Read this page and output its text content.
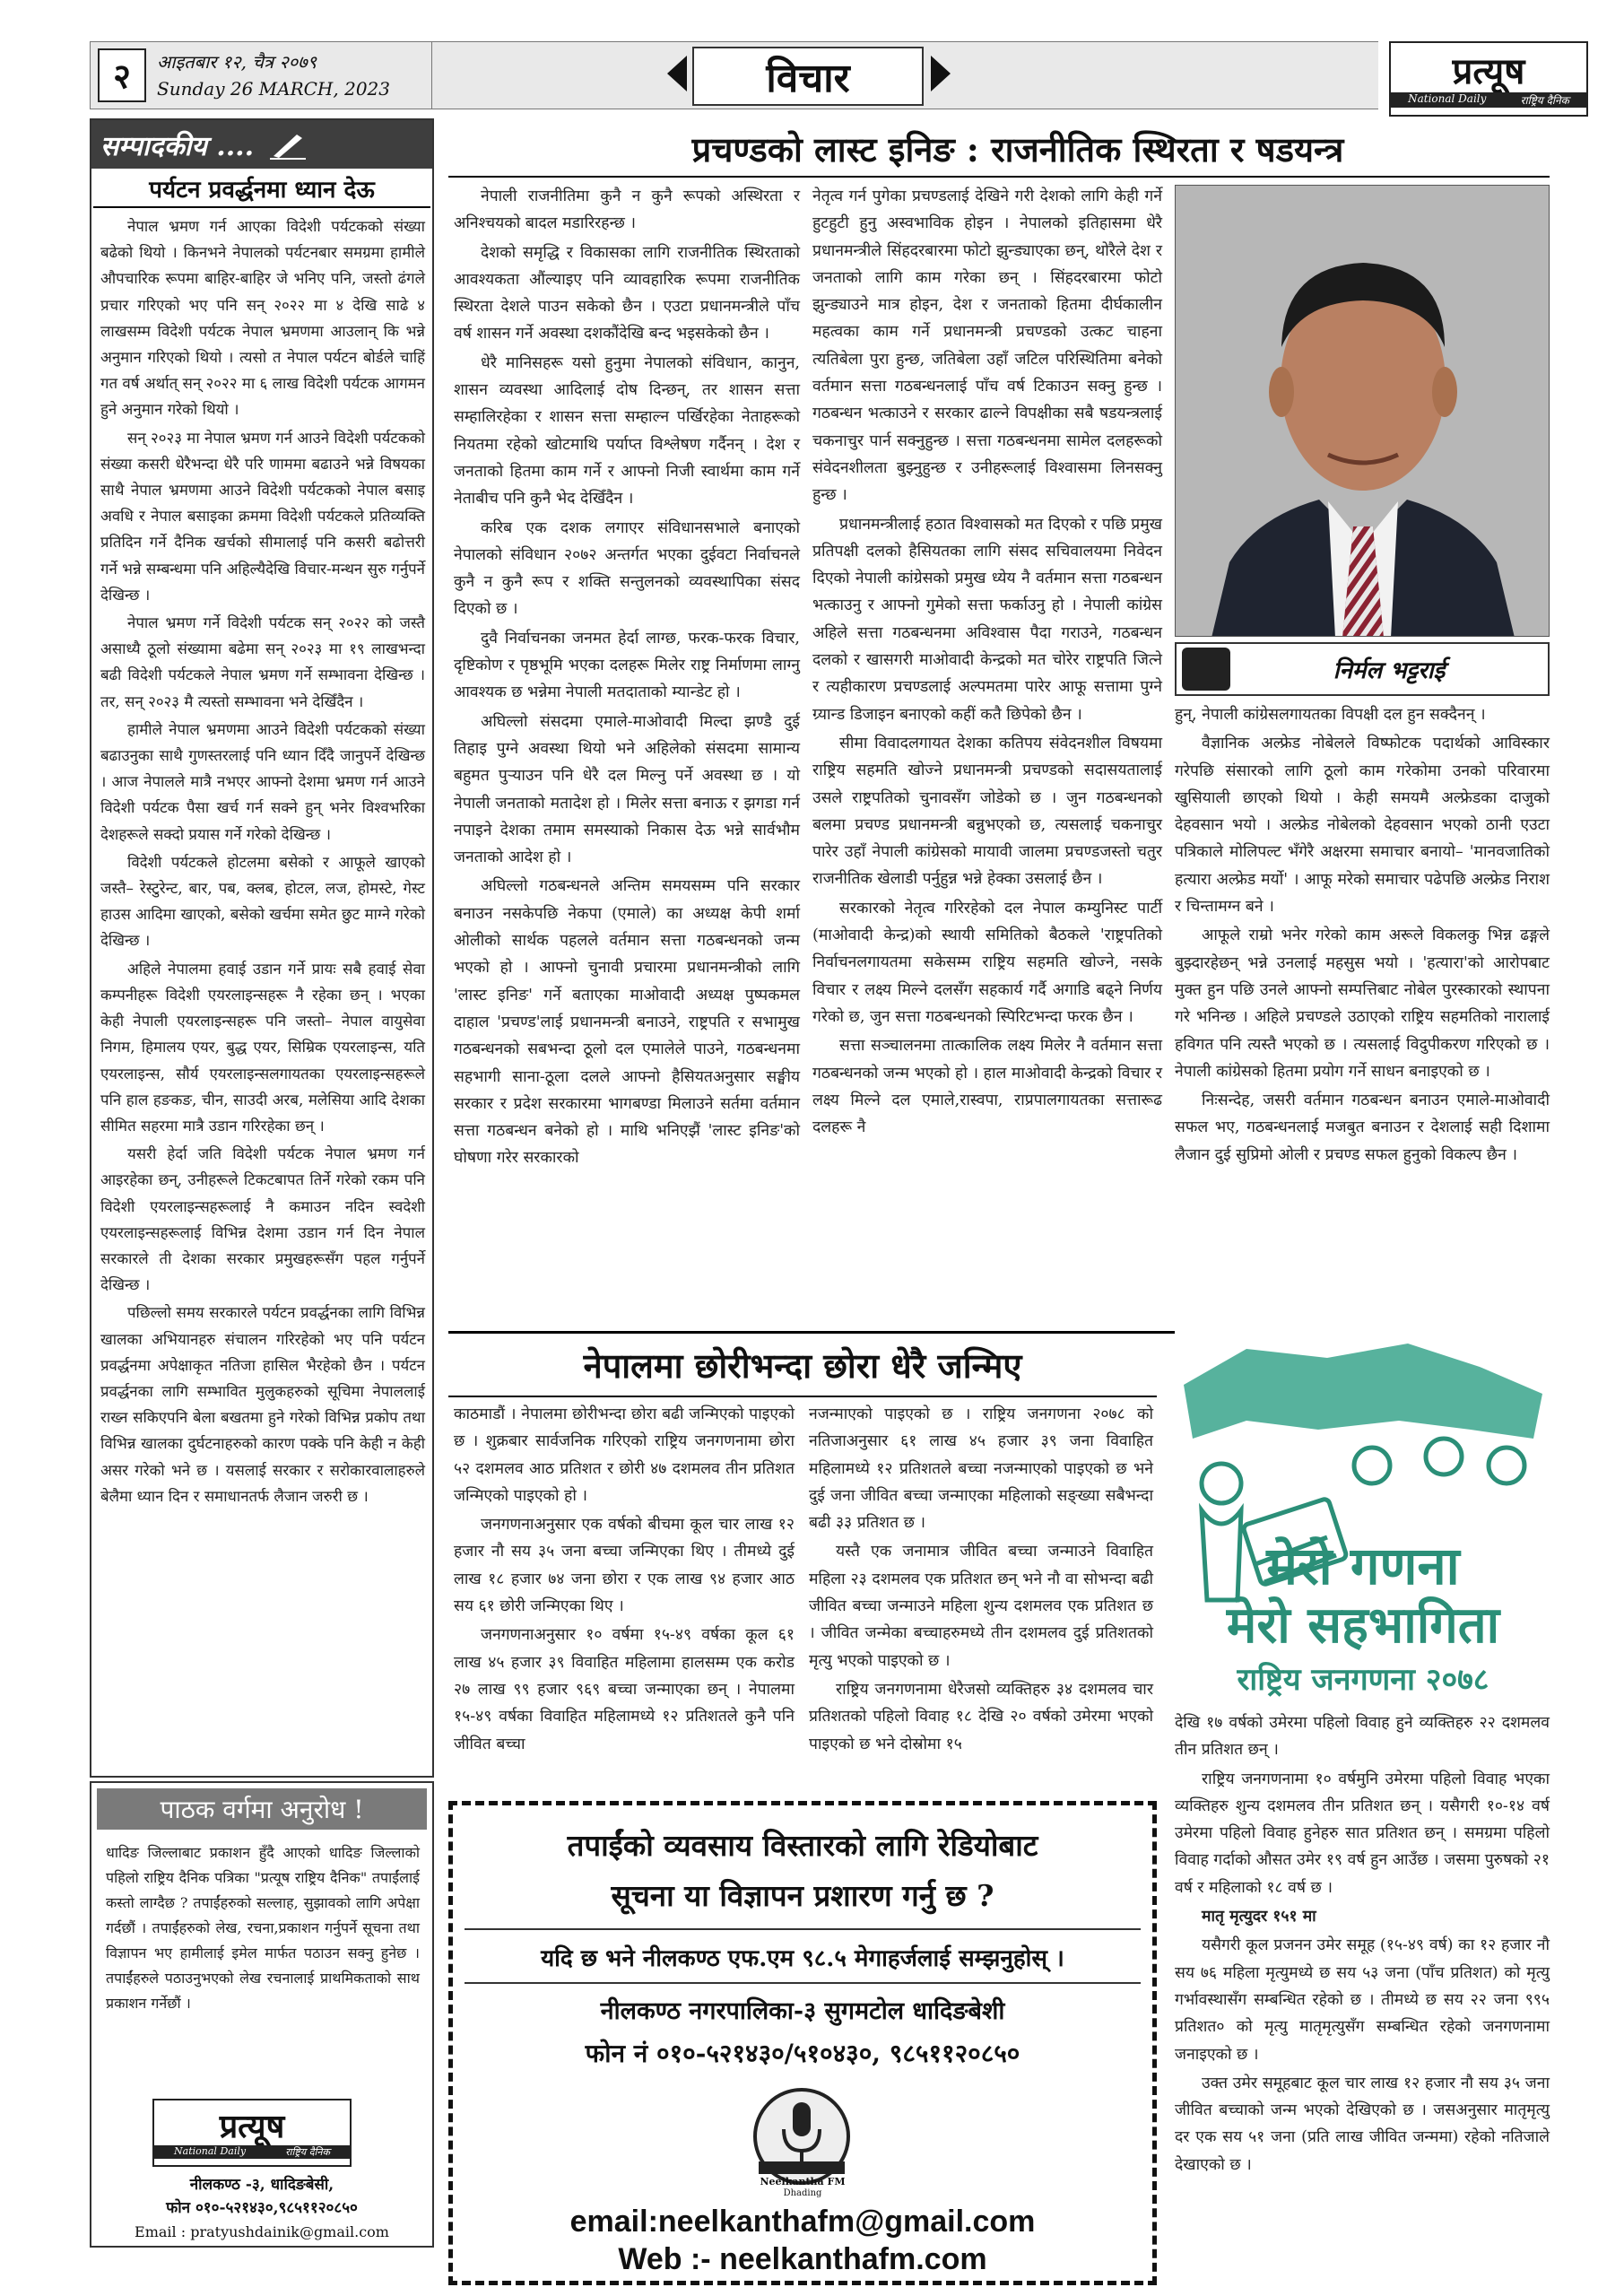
२	आइतबार १२, चैत्र २०७९
Sunday 26 MARCH, 2023	विचार	प्रत्यूष
National Daily	राष्ट्रिय दैनिक
सम्पादकीय ....
पर्यटन प्रवर्द्धनमा ध्यान देऊ

नेपाल भ्रमण गर्न आएका विदेशी पर्यटकको संख्या बढेको थियो । किनभने नेपालको पर्यटनबार समग्रमा हामीले औपचारिक रूपमा बाहिर-बाहिर जे भनिए पनि, जस्तो ढंगले प्रचार गरिएको भए पनि सन् २०२२ मा ४ देखि साढे ४ लाखसम्म विदेशी पर्यटक नेपाल भ्रमणमा आउलान् कि भन्ने अनुमान गरिएको थियो । त्यसो त नेपाल पर्यटन बोर्डले चाहिं गत वर्ष अर्थात् सन् २०२२ मा ६ लाख विदेशी पर्यटक आगमन हुने अनुमान गरेको थियो ।

सन् २०२३ मा नेपाल भ्रमण गर्न आउने विदेशी पर्यटकको संख्या कसरी धेरैभन्दा धेरै परि णाममा बढाउने भन्ने विषयका साथै नेपाल भ्रमणमा आउने विदेशी पर्यटकको नेपाल बसाइ अवधि र नेपाल बसाइका क्रममा विदेशी पर्यटकले प्रतिव्यक्ति प्रतिदिन गर्ने दैनिक खर्चको सीमालाई पनि कसरी बढोत्तरी गर्ने भन्ने सम्बन्धमा पनि अहिल्यैदेखि विचार-मन्थन सुरु गर्नुपर्ने देखिन्छ ।

नेपाल भ्रमण गर्ने विदेशी पर्यटक सन् २०२२ को जस्तै असाध्यै ठूलो संख्यामा बढेमा सन् २०२३ मा १९ लाखभन्दा बढी विदेशी पर्यटकले नेपाल भ्रमण गर्ने सम्भावना देखिन्छ । तर, सन् २०२३ मै त्यस्तो सम्भावना भने देखिँदैन ।

हामीले नेपाल भ्रमणमा आउने विदेशी पर्यटकको संख्या बढाउनुका साथै गुणस्तरलाई पनि ध्यान दिँदै जानुपर्ने देखिन्छ । आज नेपालले मात्रै नभएर आफ्नो देशमा भ्रमण गर्न आउने विदेशी पर्यटक पैसा खर्च गर्न सक्ने हुन् भनेर विश्वभरिका देशहरूले सक्दो प्रयास गर्ने गरेको देखिन्छ ।

विदेशी पर्यटकले होटलमा बसेको र आफूले खाएको जस्तै– रेस्टुरेन्ट, बार, पब, क्लब, होटल, लज, होमस्टे, गेस्ट हाउस आदिमा खाएको, बसेको खर्चमा समेत छुट माग्ने गरेको देखिन्छ ।

अहिले नेपालमा हवाई उडान गर्ने प्रायः सबै हवाई सेवा कम्पनीहरू विदेशी एयरलाइन्सहरू नै रहेका छन् । भएका केही नेपाली एयरलाइन्सहरू पनि जस्तो– नेपाल वायुसेवा निगम, हिमालय एयर, बुद्ध एयर, सिम्रिक एयरलाइन्स, यति एयरलाइन्स, सौर्य एयरलाइन्सलगायतका एयरलाइन्सहरूले पनि हाल हङकङ, चीन, साउदी अरब, मलेसिया आदि देशका सीमित सहरमा मात्रै उडान गरिरहेका छन् ।

यसरी हेर्दा जति विदेशी पर्यटक नेपाल भ्रमण गर्न आइरहेका छन्, उनीहरूले टिकटबापत तिर्ने गरेको रकम पनि विदेशी एयरलाइन्सहरूलाई नै कमाउन नदिन स्वदेशी एयरलाइन्सहरूलाई विभिन्न देशमा उडान गर्न दिन नेपाल सरकारले ती देशका सरकार प्रमुखहरूसँग पहल गर्नुपर्ने देखिन्छ ।

पछिल्लो समय सरकारले पर्यटन प्रवर्द्धनका लागि विभिन्न खालका अभियानहरु संचालन गरिरहेको भए पनि पर्यटन प्रवर्द्धनमा अपेक्षाकृत नतिजा हासिल भैरहेको छैन । पर्यटन प्रवर्द्धनका लागि सम्भावित मुलुकहरुको सूचिमा नेपाललाई राख्न सकिएपनि बेला बखतमा हुने गरेको विभिन्न प्रकोप तथा विभिन्न खालका दुर्घटनाहरुको कारण पक्के पनि केही न केही असर गरेको भने छ । यसलाई सरकार र सरोकारवालाहरुले बेलैमा ध्यान दिन र समाधानतर्फ लैजान जरुरी छ ।

प्रचण्डको लास्ट इनिङ : राजनीतिक स्थिरता र षडयन्त्र

नेपाली राजनीतिमा कुनै न कुनै रूपको अस्थिरता र अनिश्चयको बादल मडारिरहन्छ ।

देशको समृद्धि र विकासका लागि राजनीतिक स्थिरताको आवश्यकता औंल्याइए पनि व्यावहारिक रूपमा राजनीतिक स्थिरता देशले पाउन सकेको छैन । एउटा प्रधानमन्त्रीले पाँच वर्ष शासन गर्ने अवस्था दशकौंदेखि बन्द भइसकेको छैन ।

धेरै मानिसहरू यसो हुनुमा नेपालको संविधान, कानुन, शासन व्यवस्था आदिलाई दोष दिन्छन्, तर शासन सत्ता सम्हालिरहेका र शासन सत्ता सम्हाल्न पर्खिरहेका नेताहरूको नियतमा रहेको खोटमाथि पर्याप्त विश्लेषण गर्दैनन् । देश र जनताको हितमा काम गर्ने र आफ्नो निजी स्वार्थमा काम गर्ने नेताबीच पनि कुनै भेद देखिँदैन ।

करिब एक दशक लगाएर संविधानसभाले बनाएको नेपालको संविधान २०७२ अन्तर्गत भएका दुईवटा निर्वाचनले कुनै न कुनै रूप र शक्ति सन्तुलनको व्यवस्थापिका संसद दिएको छ ।

दुवै निर्वाचनका जनमत हेर्दा लाग्छ, फरक-फरक विचार, दृष्टिकोण र पृष्ठभूमि भएका दलहरू मिलेर राष्ट्र निर्माणमा लाग्नु आवश्यक छ भन्नेमा नेपाली मतदाताको म्यान्डेट हो ।

अघिल्लो संसदमा एमाले-माओवादी मिल्दा झण्डै दुई तिहाइ पुग्ने अवस्था थियो भने अहिलेको संसदमा सामान्य बहुमत पुऱ्याउन पनि धेरै दल मिल्नु पर्ने अवस्था छ । यो नेपाली जनताको मतादेश हो । मिलेर सत्ता बनाऊ र झगडा गर्न नपाइने देशका तमाम समस्याको निकास देऊ भन्ने सार्वभौम जनताको आदेश हो ।

अघिल्लो गठबन्धनले अन्तिम समयसम्म पनि सरकार बनाउन नसकेपछि नेकपा (एमाले) का अध्यक्ष केपी शर्मा ओलीको सार्थक पहलले वर्तमान सत्ता गठबन्धनको जन्म भएको हो । आफ्नो चुनावी प्रचारमा प्रधानमन्त्रीको लागि 'लास्ट इनिङ' गर्ने बताएका माओवादी अध्यक्ष पुष्पकमल दाहाल 'प्रचण्ड'लाई प्रधानमन्त्री बनाउने, राष्ट्रपति र सभामुख गठबन्धनको सबभन्दा ठूलो दल एमालेले पाउने, गठबन्धनमा सहभागी साना-ठूला दलले आफ्नो हैसियतअनुसार सङ्घीय सरकार र प्रदेश सरकारमा भागबण्डा मिलाउने सर्तमा वर्तमान सत्ता गठबन्धन बनेको हो । माथि भनिएझैं 'लास्ट इनिङ'को घोषणा गरेर सरकारको

नेतृत्व गर्न पुगेका प्रचण्डलाई देखिने गरी देशको लागि केही गर्ने हुटहुटी हुनु अस्वभाविक होइन । नेपालको इतिहासमा धेरै प्रधानमन्त्रीले सिंहदरबारमा फोटो झुन्ड्याएका छन्, थोरैले देश र जनताको लागि काम गरेका छन् । सिंहदरबारमा फोटो झुन्ड्याउने मात्र होइन, देश र जनताको हितमा दीर्घकालीन महत्वका काम गर्ने प्रधानमन्त्री प्रचण्डको उत्कट चाहना त्यतिबेला पुरा हुन्छ, जतिबेला उहाँ जटिल परिस्थितिमा बनेको वर्तमान सत्ता गठबन्धनलाई पाँच वर्ष टिकाउन सक्नु हुन्छ । गठबन्धन भत्काउने र सरकार ढाल्ने विपक्षीका सबै षडयन्त्रलाई चकनाचुर पार्न सक्नुहुन्छ । सत्ता गठबन्धनमा सामेल दलहरूको संवेदनशीलता बुझ्नुहुन्छ र उनीहरूलाई विश्वासमा लिनसक्नु हुन्छ ।

प्रधानमन्त्रीलाई हठात विश्वासको मत दिएको र पछि प्रमुख प्रतिपक्षी दलको हैसियतका लागि संसद सचिवालयमा निवेदन दिएको नेपाली कांग्रेसको प्रमुख ध्येय नै वर्तमान सत्ता गठबन्धन भत्काउनु र आफ्नो गुमेको सत्ता फर्काउनु हो । नेपाली कांग्रेस अहिले सत्ता गठबन्धनमा अविश्वास पैदा गराउने, गठबन्धन दलको र खासगरी माओवादी केन्द्रको मत चोरेर राष्ट्रपति जित्ने र त्यहीकारण प्रचण्डलाई अल्पमतमा पारेर आफू सत्तामा पुग्ने ग्र्यान्ड डिजाइन बनाएको कहीं कतै छिपेको छैन ।

सीमा विवादलगायत देशका कतिपय संवेदनशील विषयमा राष्ट्रिय सहमति खोज्ने प्रधानमन्त्री प्रचण्डको सदासयतालाई उसले राष्ट्रपतिको चुनावसँग जोडेको छ । जुन गठबन्धनको बलमा प्रचण्ड प्रधानमन्त्री बन्नुभएको छ, त्यसलाई चकनाचुर पारेर उहाँ नेपाली कांग्रेसको मायावी जालमा प्रचण्डजस्तो चतुर राजनीतिक खेलाडी पर्नुहुन्न भन्ने हेक्का उसलाई छैन ।

सरकारको नेतृत्व गरिरहेको दल नेपाल कम्युनिस्ट पार्टी (माओवादी केन्द्र)को स्थायी समितिको बैठकले 'राष्ट्रपतिको निर्वाचनलगायतमा सकेसम्म राष्ट्रिय सहमति खोज्ने, नसके विचार र लक्ष्य मिल्ने दलसँग सहकार्य गर्दै अगाडि बढ्ने निर्णय गरेको छ, जुन सत्ता गठबन्धनको स्पिरिटभन्दा फरक छैन ।

सत्ता सञ्चालनमा तात्कालिक लक्ष्य मिलेर नै वर्तमान सत्ता गठबन्धनको जन्म भएको हो । हाल माओवादी केन्द्रको विचार र लक्ष्य मिल्ने दल एमाले,रास्वपा, राप्रपालगायतका सत्तारूढ दलहरू नै

निर्मल भट्टराई

हुन्, नेपाली कांग्रेसलगायतका विपक्षी दल हुन सक्दैनन् ।

वैज्ञानिक अल्फ्रेड नोबेलले विष्फोटक पदार्थको आविस्कार गरेपछि संसारको लागि ठूलो काम गरेकोमा उनको परिवारमा खुसियाली छाएको थियो । केही समयमै अल्फ्रेडका दाजुको देहवसान भयो । अल्फ्रेड नोबेलको देहवसान भएको ठानी एउटा पत्रिकाले मोलिपल्ट भँगेरै अक्षरमा समाचार बनायो– 'मानवजातिको हत्यारा अल्फ्रेड मर्यो' । आफू मरेको समाचार पढेपछि अल्फ्रेड निराश र चिन्तामग्न बने ।

आफूले राम्रो भनेर गरेको काम अरूले विकलकु भिन्न ढङ्गले बुझ्दारहेछन् भन्ने उनलाई महसुस भयो । 'हत्यारा'को आरोपबाट मुक्त हुन पछि उनले आफ्नो सम्पत्तिबाट नोबेल पुरस्कारको स्थापना गरे भनिन्छ । अहिले प्रचण्डले उठाएको राष्ट्रिय सहमतिको नारालाई हविगत पनि त्यस्तै भएको छ । त्यसलाई विदुपीकरण गरिएको छ । नेपाली कांग्रेसको हितमा प्रयोग गर्ने साधन बनाइएको छ ।

निःसन्देह, जसरी वर्तमान गठबन्धन बनाउन एमाले-माओवादी सफल भए, गठबन्धनलाई मजबुत बनाउन र देशलाई सही दिशामा लैजान दुई सुप्रिमो ओली र प्रचण्ड सफल हुनुको विकल्प छैन ।

नेपालमा छोरीभन्दा छोरा धेरै जन्मिए

काठमाडौं । नेपालमा छोरीभन्दा छोरा बढी जन्मिएको पाइएको छ । शुक्रबार सार्वजनिक गरिएको राष्ट्रिय जनगणनामा छोरा ५२ दशमलव आठ प्रतिशत र छोरी ४७ दशमलव तीन प्रतिशत जन्मिएको पाइएको हो ।

जनगणनाअनुसार एक वर्षको बीचमा कूल चार लाख १२ हजार नौ सय ३५ जना बच्चा जन्मिएका थिए । तीमध्ये दुई लाख १८ हजार ७४ जना छोरा र एक लाख ९४ हजार आठ सय ६१ छोरी जन्मिएका थिए ।

जनगणनाअनुसार १० वर्षमा १५-४९ वर्षका कूल ६१ लाख ४५ हजार ३९ विवाहित महिलामा हालसम्म एक करोड २७ लाख ९९ हजार ९६९ बच्चा जन्माएका छन् । नेपालमा १५-४९ वर्षका विवाहित महिलामध्ये १२ प्रतिशतले कुनै पनि जीवित बच्चा

नजन्माएको पाइएको छ । राष्ट्रिय जनगणना २०७८ को नतिजाअनुसार ६१ लाख ४५ हजार ३९ जना विवाहित महिलामध्ये १२ प्रतिशतले बच्चा नजन्माएको पाइएको छ भने दुई जना जीवित बच्चा जन्माएका महिलाको सङ्ख्या सबैभन्दा बढी ३३ प्रतिशत छ ।

यस्तै एक जनामात्र जीवित बच्चा जन्माउने विवाहित महिला २३ दशमलव एक प्रतिशत छन् भने नौ वा सोभन्दा बढी जीवित बच्चा जन्माउने महिला शुन्य दशमलव एक प्रतिशत छ । जीवित जन्मेका बच्चाहरुमध्ये तीन दशमलव दुई प्रतिशतको मृत्यु भएको पाइएको छ ।

राष्ट्रिय जनगणनामा धेरैजसो व्यक्तिहरु ३४ दशमलव चार प्रतिशतको पहिलो विवाह १८ देखि २० वर्षको उमेरमा भएको पाइएको छ भने दोस्रोमा १५

मेरो गणना
मेरो सहभागिता
राष्ट्रिय जनगणना २०७८

देखि १७ वर्षको उमेरमा पहिलो विवाह हुने व्यक्तिहरु २२ दशमलव तीन प्रतिशत छन् ।

राष्ट्रिय जनगणनामा १० वर्षमुनि उमेरमा पहिलो विवाह भएका व्यक्तिहरु शुन्य दशमलव तीन प्रतिशत छन् । यसैगरी १०-१४ वर्ष उमेरमा पहिलो विवाह हुनेहरु सात प्रतिशत छन् । समग्रमा पहिलो विवाह गर्दाको औसत उमेर १९ वर्ष हुन आउँछ । जसमा पुरुषको २१ वर्ष र महिलाको १८ वर्ष छ ।

मातृ मृत्युदर १५१ मा

यसैगरी कूल प्रजनन उमेर समूह (१५-४९ वर्ष) का १२ हजार नौ सय ७६ महिला मृत्युमध्ये छ सय ५३ जना (पाँच प्रतिशत) को मृत्यु गर्भावस्थासँग सम्बन्धित रहेको छ । तीमध्ये छ सय २२ जना ९९५ प्रतिशत० को मृत्यु मातृमृत्युसँग सम्बन्धित रहेको जनगणनामा जनाइएको छ ।

उक्त उमेर समूहबाट कूल चार लाख १२ हजार नौ सय ३५ जना जीवित बच्चाको जन्म भएको देखिएको छ । जसअनुसार मातृमृत्यु दर एक सय ५१ जना (प्रति लाख जीवित जन्ममा) रहेको नतिजाले देखाएको छ ।

पाठक वर्गमा अनुरोध !
धादिङ जिल्लाबाट प्रकाशन हुँदै आएको धादिङ जिल्लाको पहिलो राष्ट्रिय दैनिक पत्रिका "प्रत्यूष राष्ट्रिय दैनिक" तपाईंलाई कस्तो लाग्दैछ ? तपाईंहरुको सल्लाह, सुझावको लागि अपेक्षा गर्दछौं । तपाईंहरुको लेख, रचना,प्रकाशन गर्नुपर्ने सूचना तथा विज्ञापन भए हामीलाई इमेल मार्फत पठाउन सक्नु हुनेछ । तपाईंहरुले पठाउनुभएको लेख रचनालाई प्राथमिकताको साथ प्रकाशन गर्नेछौं ।
प्रत्यूष
National Daily	राष्ट्रिय दैनिक
नीलकण्ठ -३, धादिङबेसी,
फोन ०१०-५२१४३०,९८५११२०८५०
Email : pratyushdainik@gmail.com
तपाईंको व्यवसाय विस्तारको लागि रेडियोबाट
सूचना या विज्ञापन प्रशारण गर्नु छ ?
यदि छ भने नीलकण्ठ एफ.एम ९८.५ मेगाहर्जलाई सम्झनुहोस् ।
नीलकण्ठ नगरपालिका-३ सुगमटोल धादिङबेशी
फोन नं ०१०-५२१४३०/५१०४३०, ९८५११२०८५०
Neelkantha FM
Dhading
email:neelkanthafm@gmail.com
Web :- neelkanthafm.com
